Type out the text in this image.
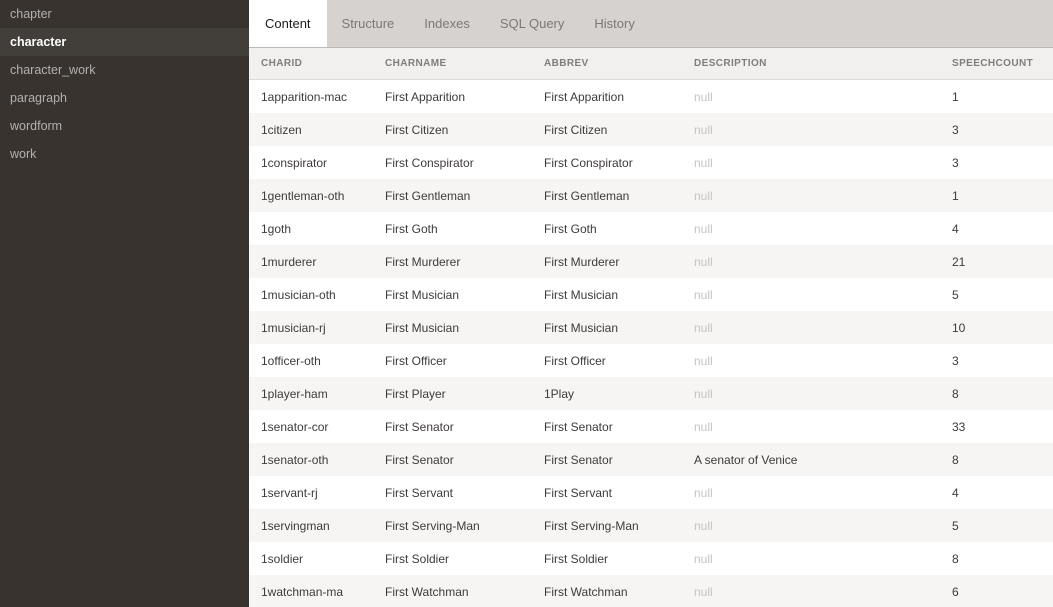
chapter
character
character_work
paragraph
wordform
work
Content	Structure	Indexes	SQL Query	History
CHARID	CHARNAME	ABBREV	DESCRIPTION	SPEECHCOUNT
1apparition-mac	First Apparition	First Apparition	null	1
1citizen	First Citizen	First Citizen	null	3
1conspirator	First Conspirator	First Conspirator	null	3
1gentleman-oth	First Gentleman	First Gentleman	null	1
1goth	First Goth	First Goth	null	4
1murderer	First Murderer	First Murderer	null	21
1musician-oth	First Musician	First Musician	null	5
1musician-rj	First Musician	First Musician	null	10
1officer-oth	First Officer	First Officer	null	3
1player-ham	First Player	1Play	null	8
1senator-cor	First Senator	First Senator	null	33
1senator-oth	First Senator	First Senator	A senator of Venice	8
1servant-rj	First Servant	First Servant	null	4
1servingman	First Serving-Man	First Serving-Man	null	5
1soldier	First Soldier	First Soldier	null	8
1watchman-ma	First Watchman	First Watchman	null	6
